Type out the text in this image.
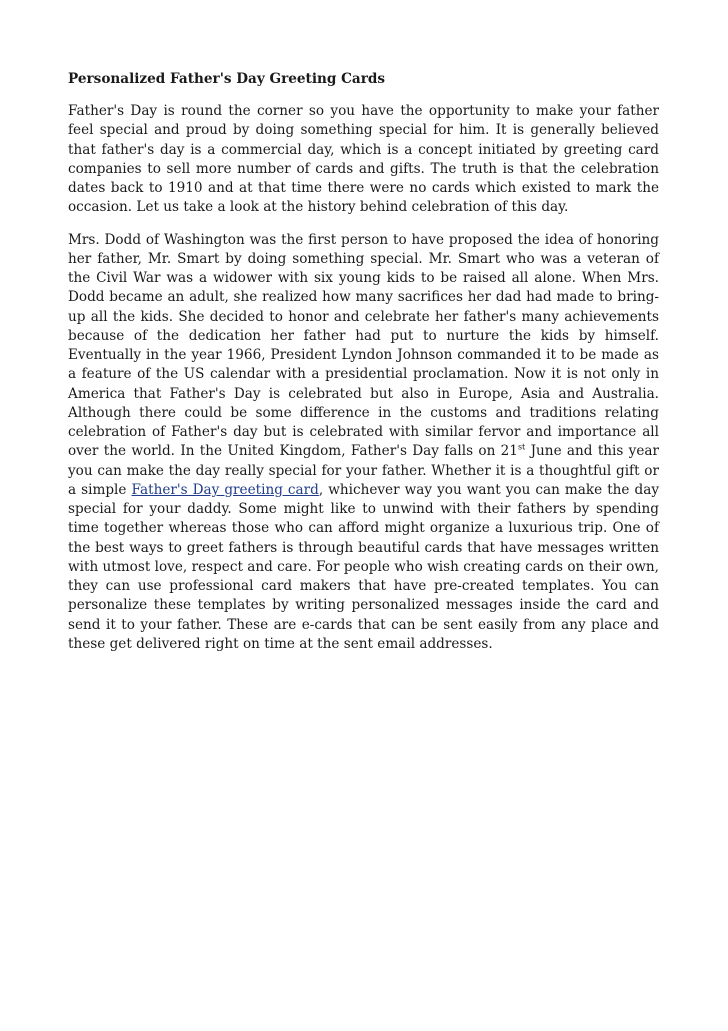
Personalized Father's Day Greeting Cards

Father's Day is round the corner so you have the opportunity to make your father feel special and proud by doing something special for him. It is generally believed that father's day is a commercial day, which is a concept initiated by greeting card companies to sell more number of cards and gifts. The truth is that the celebration dates back to 1910 and at that time there were no cards which existed to mark the occasion. Let us take a look at the history behind celebration of this day.

Mrs. Dodd of Washington was the first person to have proposed the idea of honoring her father, Mr. Smart by doing something special. Mr. Smart who was a veteran of the Civil War was a widower with six young kids to be raised all alone. When Mrs. Dodd became an adult, she realized how many sacrifices her dad had made to bring-up all the kids. She decided to honor and celebrate her father's many achievements because of the dedication her father had put to nurture the kids by himself. Eventually in the year 1966, President Lyndon Johnson commanded it to be made as a feature of the US calendar with a presidential proclamation. Now it is not only in America that Father's Day is celebrated but also in Europe, Asia and Australia. Although there could be some difference in the customs and traditions relating celebration of Father's day but is celebrated with similar fervor and importance all over the world. In the United Kingdom, Father's Day falls on 21st June and this year you can make the day really special for your father. Whether it is a thoughtful gift or a simple Father's Day greeting card, whichever way you want you can make the day special for your daddy. Some might like to unwind with their fathers by spending time together whereas those who can afford might organize a luxurious trip. One of the best ways to greet fathers is through beautiful cards that have messages written with utmost love, respect and care. For people who wish creating cards on their own, they can use professional card makers that have pre-created templates. You can personalize these templates by writing personalized messages inside the card and send it to your father. These are e-cards that can be sent easily from any place and these get delivered right on time at the sent email addresses.
